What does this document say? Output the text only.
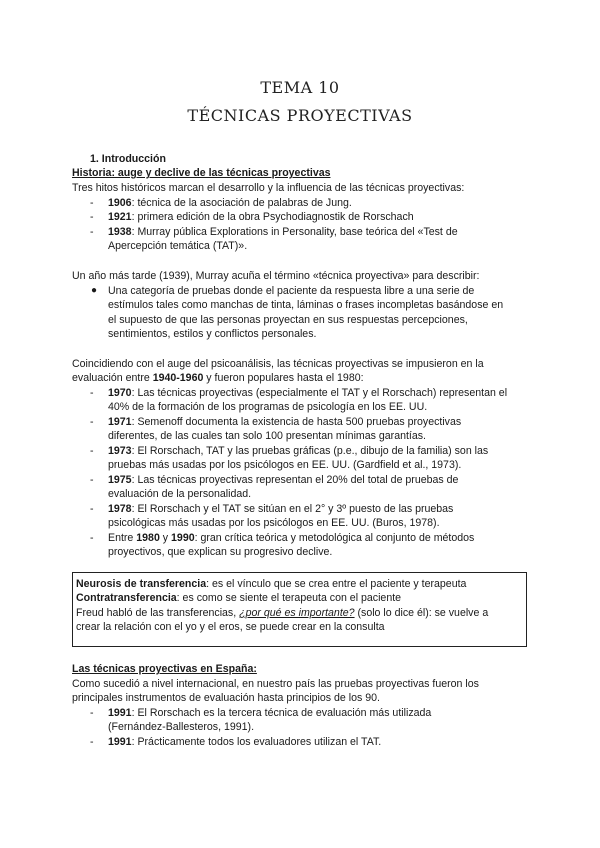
TEMA 10
TÉCNICAS PROYECTIVAS
1. Introducción
Historia: auge y declive de las técnicas proyectivas
Tres hitos históricos marcan el desarrollo y la influencia de las técnicas proyectivas:
- 1906: técnica de la asociación de palabras de Jung.
- 1921: primera edición de la obra Psychodiagnostik de Rorschach
- 1938: Murray pública Explorations in Personality, base teórica del «Test de
Apercepción temática (TAT)».
Un año más tarde (1939), Murray acuña el término «técnica proyectiva» para describir:
● Una categoría de pruebas donde el paciente da respuesta libre a una serie de
estímulos tales como manchas de tinta, láminas o frases incompletas basándose en
el supuesto de que las personas proyectan en sus respuestas percepciones,
sentimientos, estilos y conflictos personales.
Coincidiendo con el auge del psicoanálisis, las técnicas proyectivas se impusieron en la
evaluación entre 1940-1960 y fueron populares hasta el 1980:
- 1970: Las técnicas proyectivas (especialmente el TAT y el Rorschach) representan el
40% de la formación de los programas de psicología en los EE. UU.
- 1971: Semenoff documenta la existencia de hasta 500 pruebas proyectivas
diferentes, de las cuales tan solo 100 presentan mínimas garantías.
- 1973: El Rorschach, TAT y las pruebas gráficas (p.e., dibujo de la familia) son las
pruebas más usadas por los psicólogos en EE. UU. (Gardfield et al., 1973).
- 1975: Las técnicas proyectivas representan el 20% del total de pruebas de
evaluación de la personalidad.
- 1978: El Rorschach y el TAT se sitúan en el 2° y 3º puesto de las pruebas
psicológicas más usadas por los psicólogos en EE. UU. (Buros, 1978).
- Entre 1980 y 1990: gran crítica teórica y metodológica al conjunto de métodos
proyectivos, que explican su progresivo declive.
Neurosis de transferencia: es el vínculo que se crea entre el paciente y terapeuta
Contratransferencia: es como se siente el terapeuta con el paciente
Freud habló de las transferencias, ¿por qué es importante? (solo lo dice él): se vuelve a
crear la relación con el yo y el eros, se puede crear en la consulta
Las técnicas proyectivas en España:
Como sucedió a nivel internacional, en nuestro país las pruebas proyectivas fueron los
principales instrumentos de evaluación hasta principios de los 90.
- 1991: El Rorschach es la tercera técnica de evaluación más utilizada
(Fernández-Ballesteros, 1991).
- 1991: Prácticamente todos los evaluadores utilizan el TAT.
